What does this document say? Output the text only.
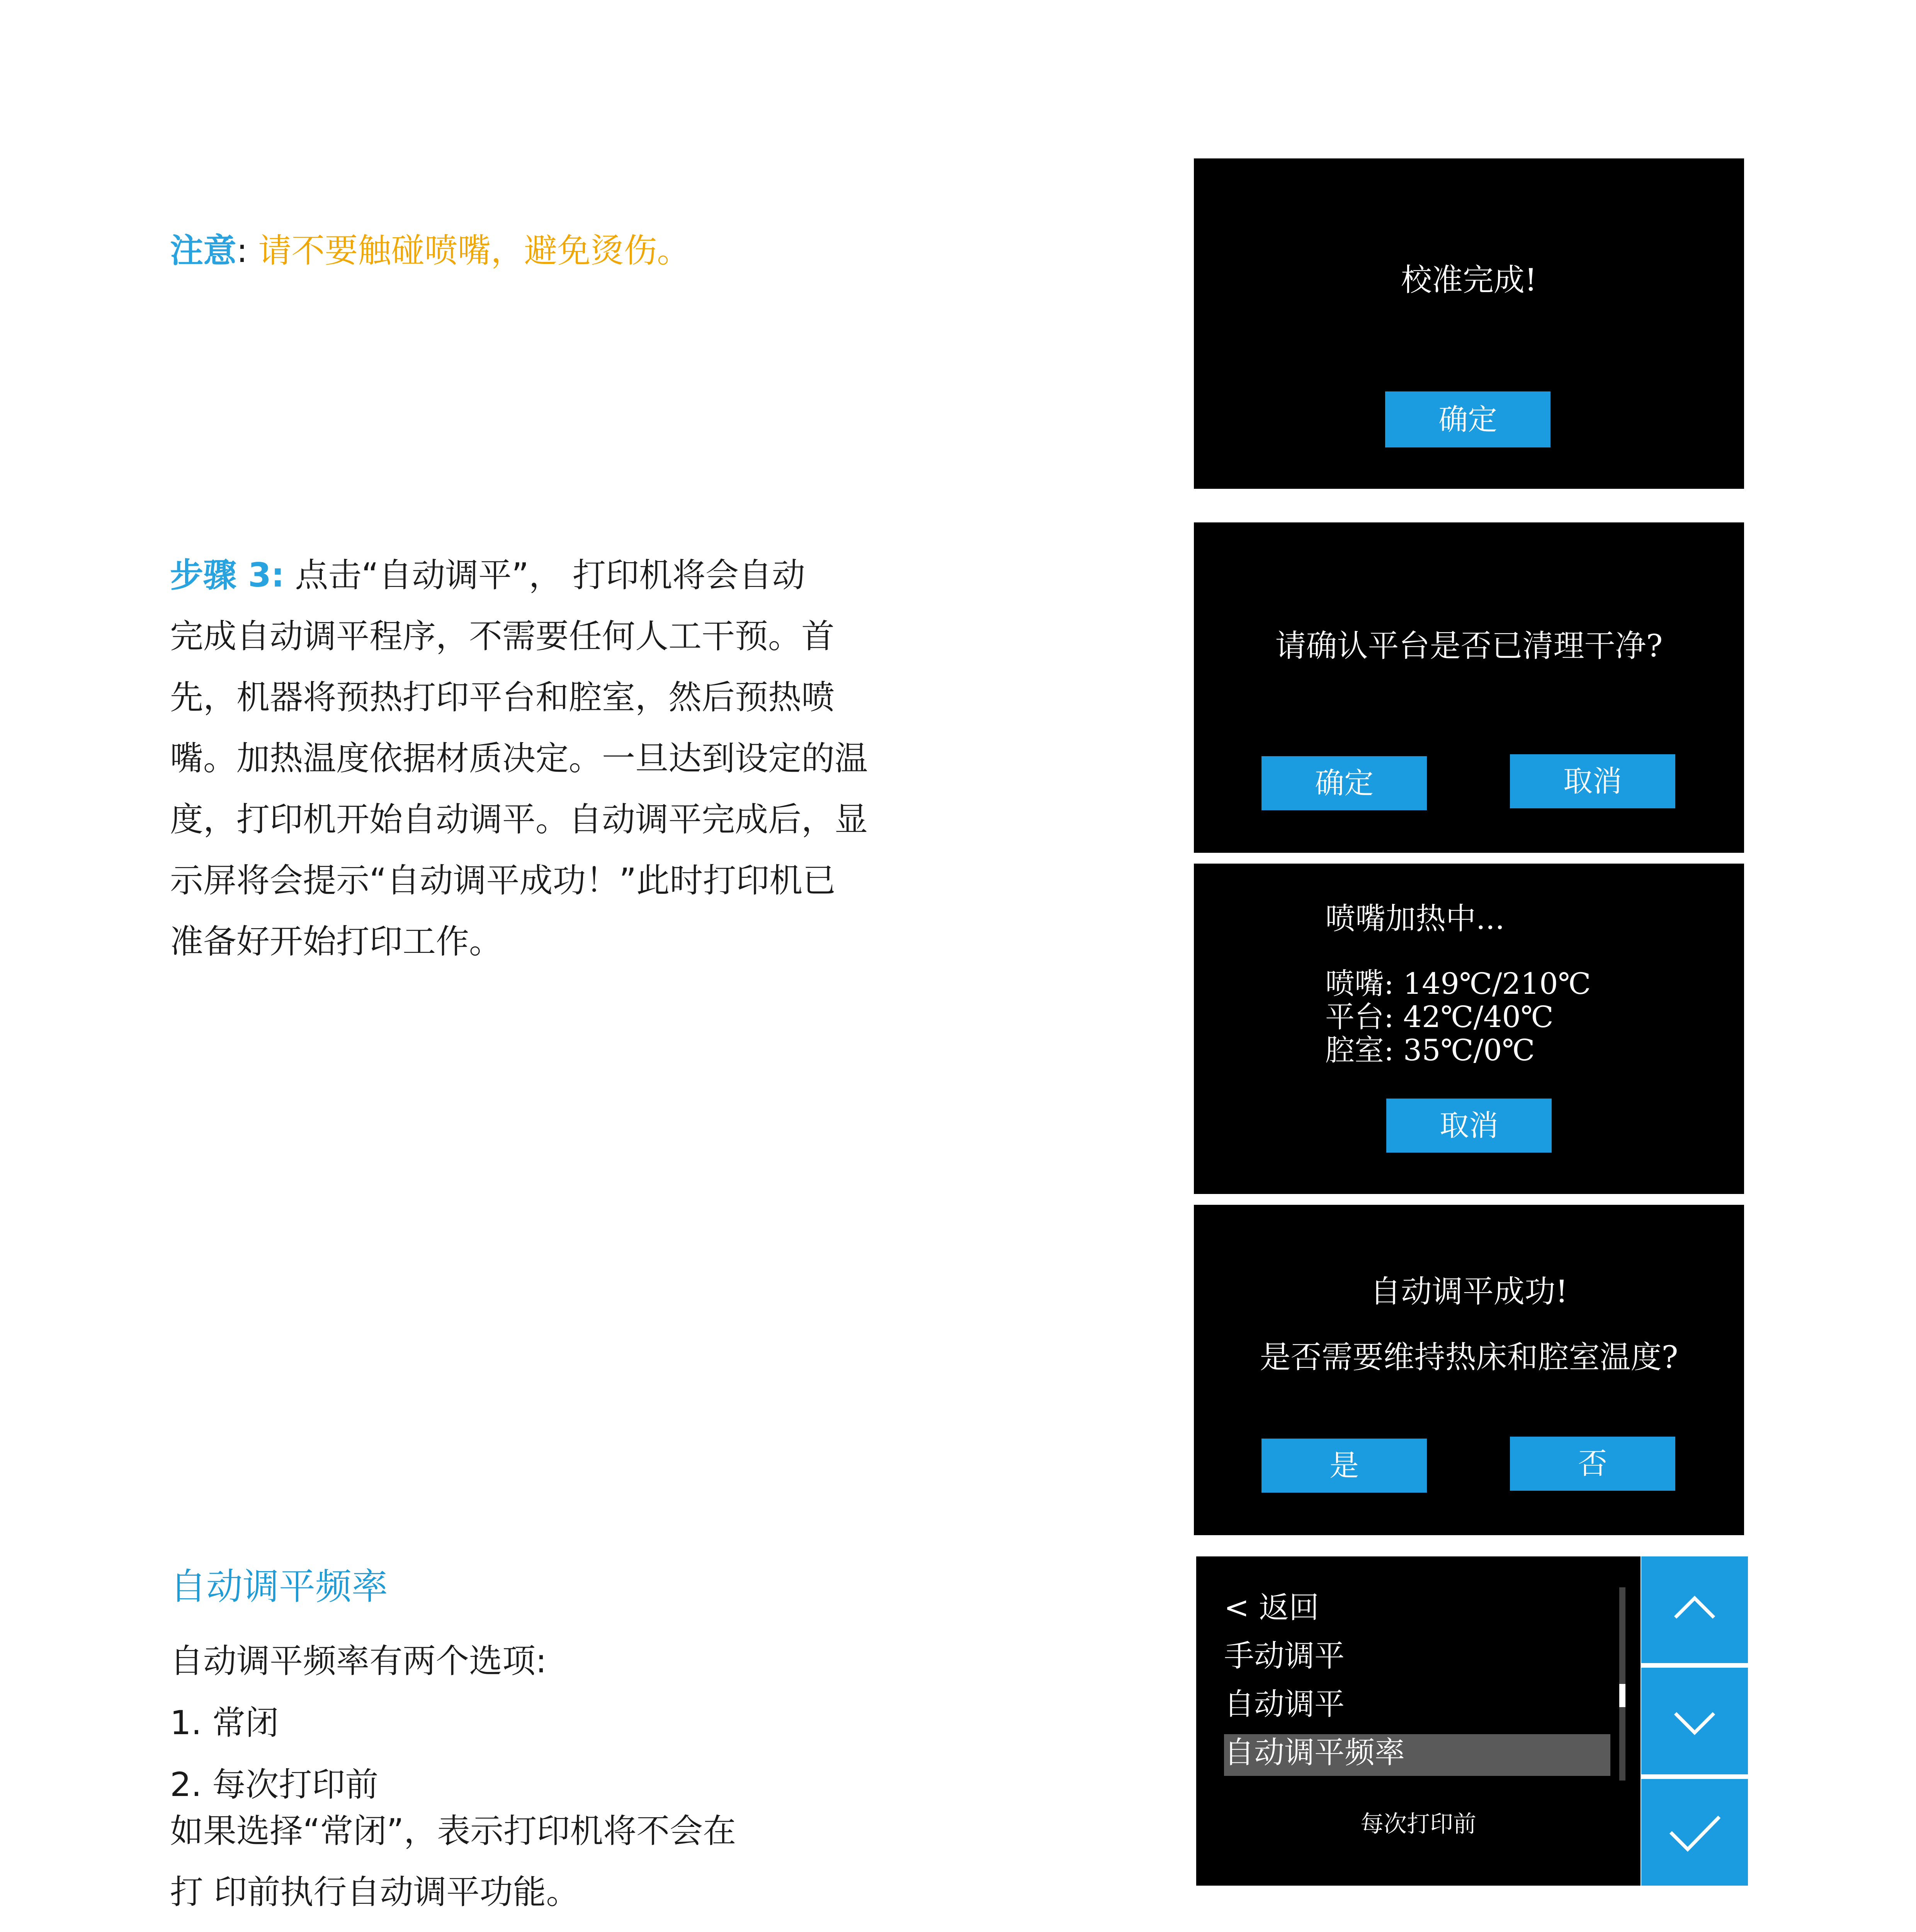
注意: 请不要触碰喷嘴，避免烫伤。
步骤 3: 点击“自动调平”， 打印机将会自动
完成自动调平程序，不需要任何人工干预。首
先，机器将预热打印平台和腔室，然后预热喷
嘴。加热温度依据材质决定。一旦达到设定的温
度，打印机开始自动调平。自动调平完成后，显
示屏将会提示“自动调平成功！”此时打印机已
准备好开始打印工作。
自动调平频率
自动调平频率有两个选项:
1. 常闭
2. 每次打印前
如果选择“常闭”，表示打印机将不会在
打 印前执行自动调平功能。
校准完成!
确定
请确认平台是否已清理干净?
确定	取消
喷嘴加热中...
喷嘴: 149℃/210℃
平台: 42℃/40℃
腔室: 35℃/0℃
取消
自动调平成功!
是否需要维持热床和腔室温度?
是	否
< 返回
手动调平
自动调平
自动调平频率
每次打印前
